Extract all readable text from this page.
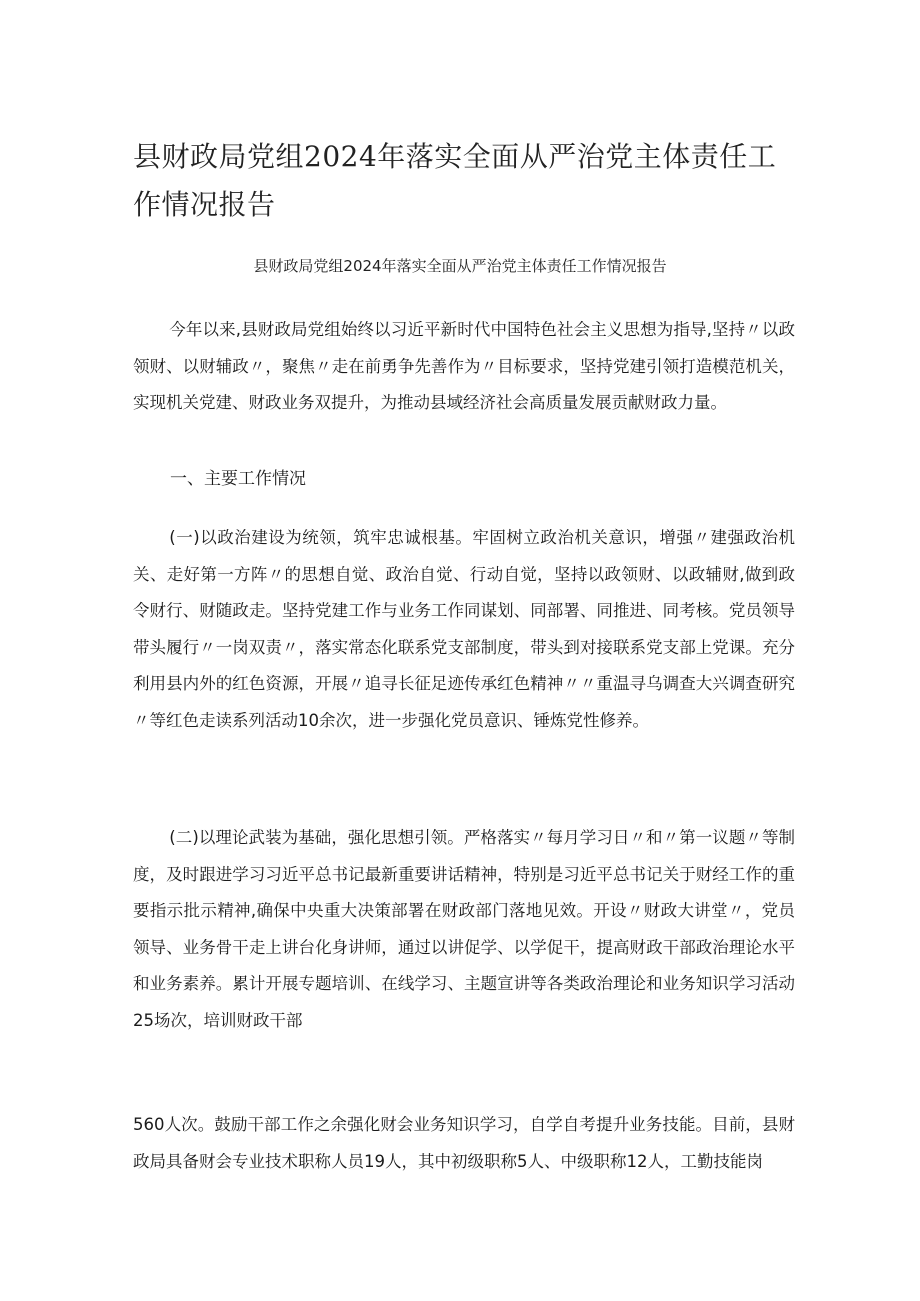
县财政局党组2024年落实全面从严治党主体责任工作情况报告
县财政局党组2024年落实全面从严治党主体责任工作情况报告
今年以来,县财政局党组始终以习近平新时代中国特色社会主义思想为指导,坚持〃以政领财、以财辅政〃，聚焦〃走在前勇争先善作为〃目标要求，坚持党建引领打造模范机关，实现机关党建、财政业务双提升，为推动县域经济社会高质量发展贡献财政力量。
一、主要工作情况
(一)以政治建设为统领，筑牢忠诚根基。牢固树立政治机关意识，增强〃建强政治机关、走好第一方阵〃的思想自觉、政治自觉、行动自觉，坚持以政领财、以政辅财,做到政令财行、财随政走。坚持党建工作与业务工作同谋划、同部署、同推进、同考核。党员领导带头履行〃一岗双责〃，落实常态化联系党支部制度，带头到对接联系党支部上党课。充分利用县内外的红色资源，开展〃追寻长征足迹传承红色精神〃〃重温寻乌调查大兴调查研究〃等红色走读系列活动10余次，进一步强化党员意识、锤炼党性修养。
(二)以理论武装为基础，强化思想引领。严格落实〃每月学习日〃和〃第一议题〃等制度，及时跟进学习习近平总书记最新重要讲话精神，特别是习近平总书记关于财经工作的重要指示批示精神,确保中央重大决策部署在财政部门落地见效。开设〃财政大讲堂〃，党员领导、业务骨干走上讲台化身讲师，通过以讲促学、以学促干，提高财政干部政治理论水平和业务素养。累计开展专题培训、在线学习、主题宣讲等各类政治理论和业务知识学习活动25场次，培训财政干部
560人次。鼓励干部工作之余强化财会业务知识学习，自学自考提升业务技能。目前，县财政局具备财会专业技术职称人员19人，其中初级职称5人、中级职称12人，工勤技能岗
